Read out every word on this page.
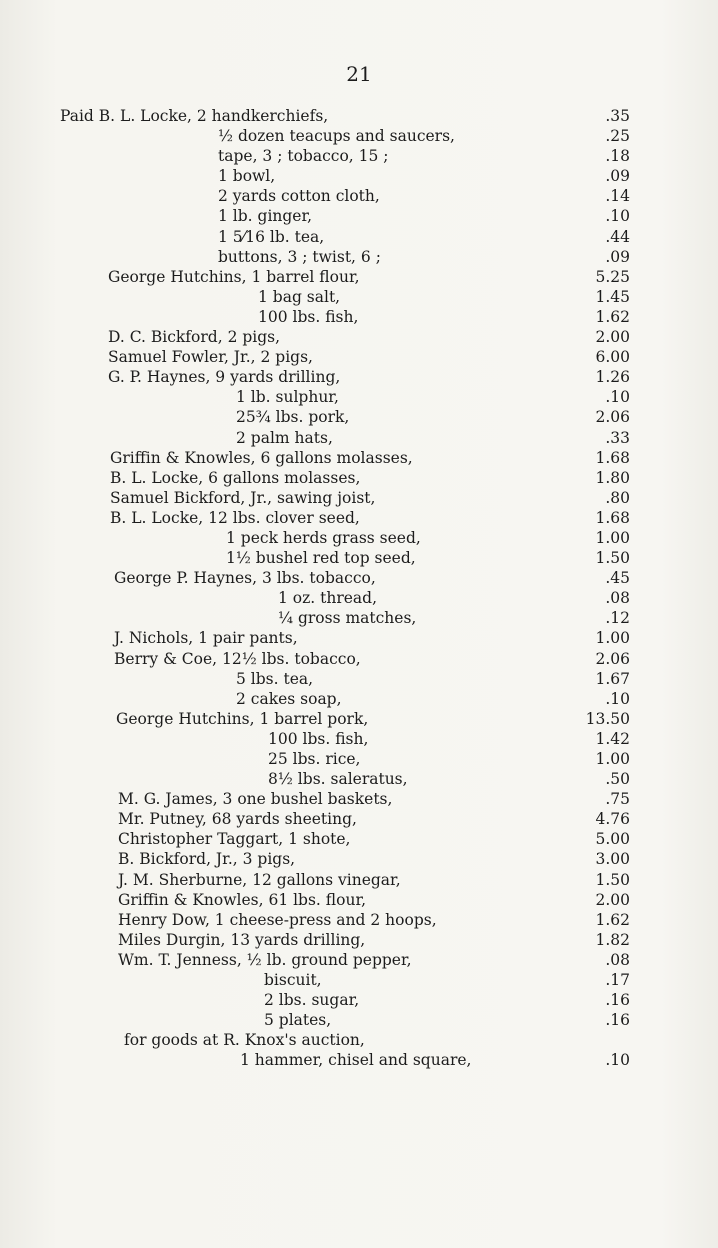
21
Paid B. L. Locke, 2 handkerchiefs,	.35
½ dozen teacups and saucers,	.25
tape, 3 ; tobacco, 15 ;	.18
1 bowl,	.09
2 yards cotton cloth,	.14
1 lb. ginger,	.10
1 5⁄16 lb. tea,	.44
buttons, 3 ; twist, 6 ;	.09
George Hutchins, 1 barrel flour,	5.25
1 bag salt,	1.45
100 lbs. fish,	1.62
D. C. Bickford, 2 pigs,	2.00
Samuel Fowler, Jr., 2 pigs,	6.00
G. P. Haynes, 9 yards drilling,	1.26
1 lb. sulphur,	.10
25¾ lbs. pork,	2.06
2 palm hats,	.33
Griffin & Knowles, 6 gallons molasses,	1.68
B. L. Locke, 6 gallons molasses,	1.80
Samuel Bickford, Jr., sawing joist,	.80
B. L. Locke, 12 lbs. clover seed,	1.68
1 peck herds grass seed,	1.00
1½ bushel red top seed,	1.50
George P. Haynes, 3 lbs. tobacco,	.45
1 oz. thread,	.08
¼ gross matches,	.12
J. Nichols, 1 pair pants,	1.00
Berry & Coe, 12½ lbs. tobacco,	2.06
5 lbs. tea,	1.67
2 cakes soap,	.10
George Hutchins, 1 barrel pork,	13.50
100 lbs. fish,	1.42
25 lbs. rice,	1.00
8½ lbs. saleratus,	.50
M. G. James, 3 one bushel baskets,	.75
Mr. Putney, 68 yards sheeting,	4.76
Christopher Taggart, 1 shote,	5.00
B. Bickford, Jr., 3 pigs,	3.00
J. M. Sherburne, 12 gallons vinegar,	1.50
Griffin & Knowles, 61 lbs. flour,	2.00
Henry Dow, 1 cheese-press and 2 hoops,	1.62
Miles Durgin, 13 yards drilling,	1.82
Wm. T. Jenness, ½ lb. ground pepper,	.08
biscuit,	.17
2 lbs. sugar,	.16
5 plates,	.16
for goods at R. Knox's auction,
1 hammer, chisel and square,	.10
